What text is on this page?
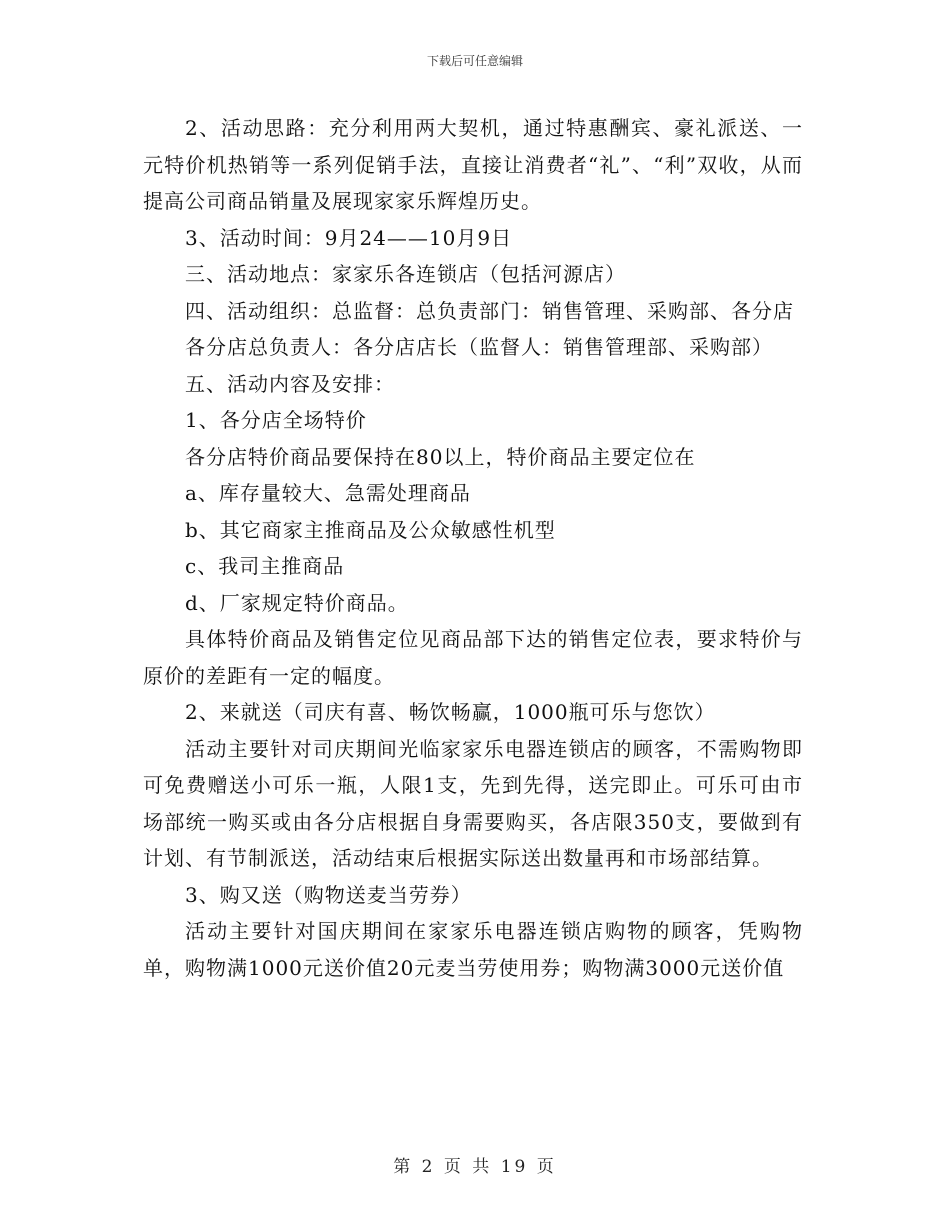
下载后可任意编辑

2、活动思路：充分利用两大契机，通过特惠酬宾、豪礼派送、一元特价机热销等一系列促销手法，直接让消费者“礼”、“利”双收，从而提高公司商品销量及展现家家乐辉煌历史。

3、活动时间：9月24——10月9日

三、活动地点：家家乐各连锁店（包括河源店）

四、活动组织：总监督：总负责部门：销售管理、采购部、各分店

各分店总负责人：各分店店长（监督人：销售管理部、采购部）

五、活动内容及安排：

1、各分店全场特价

各分店特价商品要保持在80以上，特价商品主要定位在

a、库存量较大、急需处理商品

b、其它商家主推商品及公众敏感性机型

c、我司主推商品

d、厂家规定特价商品。

具体特价商品及销售定位见商品部下达的销售定位表，要求特价与原价的差距有一定的幅度。

2、来就送（司庆有喜、畅饮畅赢，1000瓶可乐与您饮）

活动主要针对司庆期间光临家家乐电器连锁店的顾客，不需购物即可免费赠送小可乐一瓶，人限1支，先到先得，送完即止。可乐可由市场部统一购买或由各分店根据自身需要购买，各店限350支，要做到有计划、有节制派送，活动结束后根据实际送出数量再和市场部结算。

3、购又送（购物送麦当劳券）

活动主要针对国庆期间在家家乐电器连锁店购物的顾客，凭购物单，购物满1000元送价值20元麦当劳使用券；购物满3000元送价值

第 2 页 共 19 页
